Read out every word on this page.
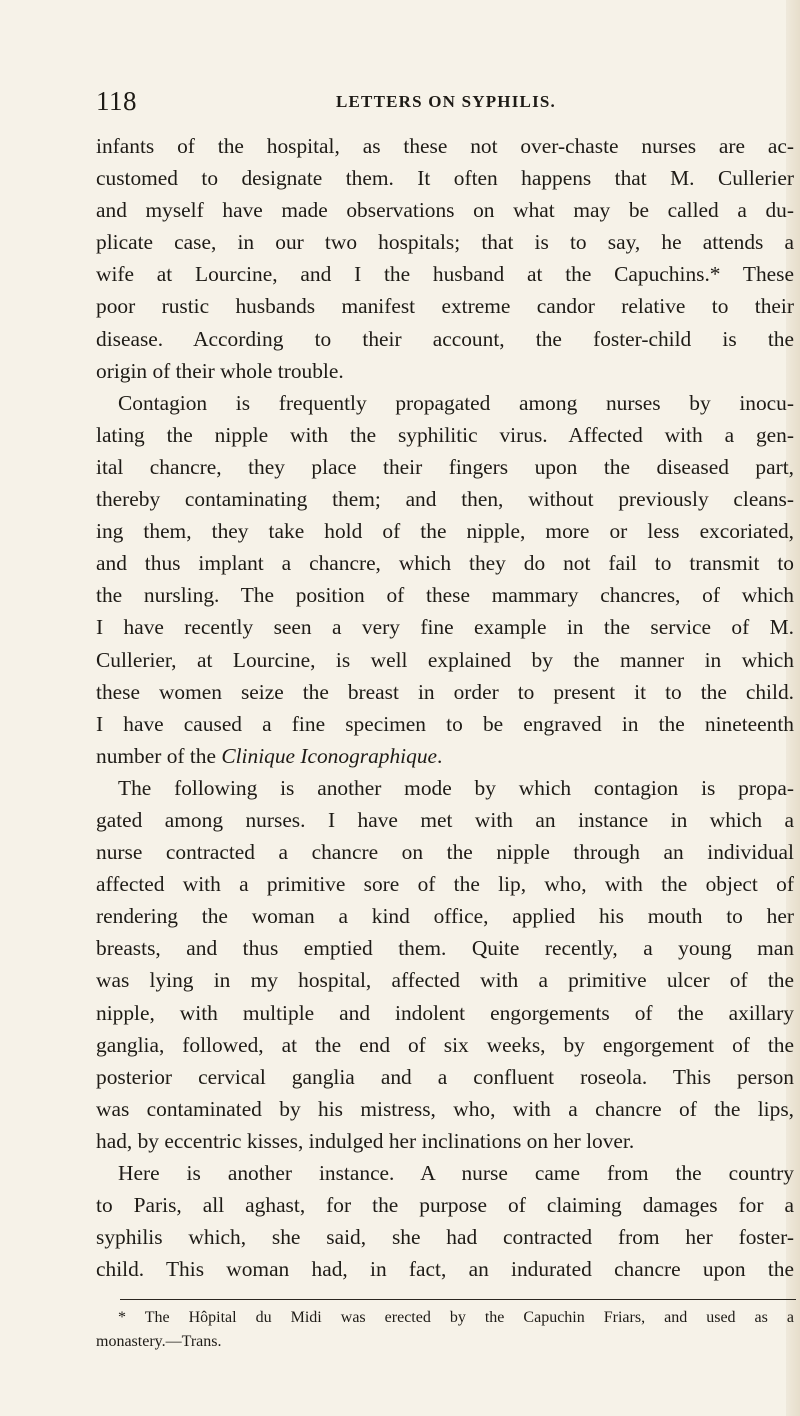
118	LETTERS ON SYPHILIS.
infants of the hospital, as these not over-chaste nurses are ac-
customed to designate them. It often happens that M. Cullerier
and myself have made observations on what may be called a du-
plicate case, in our two hospitals; that is to say, he attends a
wife at Lourcine, and I the husband at the Capuchins.* These
poor rustic husbands manifest extreme candor relative to their
disease. According to their account, the foster-child is the
origin of their whole trouble.
Contagion is frequently propagated among nurses by inocu-
lating the nipple with the syphilitic virus. Affected with a gen-
ital chancre, they place their fingers upon the diseased part,
thereby contaminating them; and then, without previously cleans-
ing them, they take hold of the nipple, more or less excoriated,
and thus implant a chancre, which they do not fail to transmit to
the nursling. The position of these mammary chancres, of which
I have recently seen a very fine example in the service of M.
Cullerier, at Lourcine, is well explained by the manner in which
these women seize the breast in order to present it to the child.
I have caused a fine specimen to be engraved in the nineteenth
number of the Clinique Iconographique.
The following is another mode by which contagion is propa-
gated among nurses. I have met with an instance in which a
nurse contracted a chancre on the nipple through an individual
affected with a primitive sore of the lip, who, with the object of
rendering the woman a kind office, applied his mouth to her
breasts, and thus emptied them. Quite recently, a young man
was lying in my hospital, affected with a primitive ulcer of the
nipple, with multiple and indolent engorgements of the axillary
ganglia, followed, at the end of six weeks, by engorgement of the
posterior cervical ganglia and a confluent roseola. This person
was contaminated by his mistress, who, with a chancre of the lips,
had, by eccentric kisses, indulged her inclinations on her lover.
Here is another instance. A nurse came from the country
to Paris, all aghast, for the purpose of claiming damages for a
syphilis which, she said, she had contracted from her foster-
child. This woman had, in fact, an indurated chancre upon the
* The Hôpital du Midi was erected by the Capuchin Friars, and used as a
monastery.—Trans.
